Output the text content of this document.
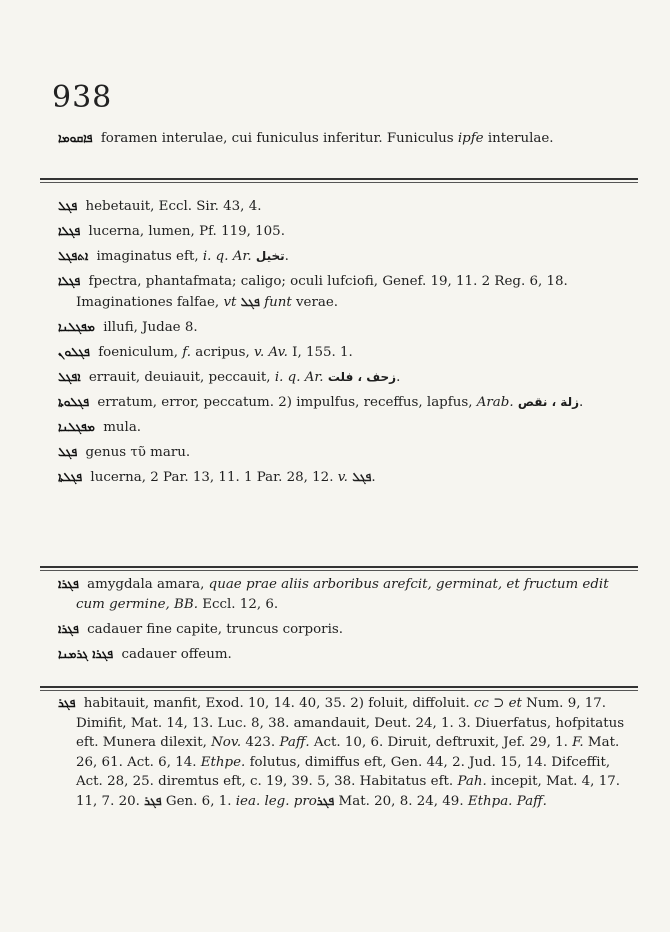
938
ܦܐܩܘܡܐ foramen interulae, cui funiculus inferitur. Funiculus ipfe interulae.
ܦܓܠ hebetauit, Eccl. Sir. 43, 4.
ܦܓܠܐ lucerna, lumen, Pf. 119, 105.
ܐܬܦܓܠ imaginatus eft, i. q. Ar. تخيل.
ܦܓܠܐ fpectra, phantafmata; caligo; oculi lufciofi, Genef. 19, 11. 2 Reg. 6, 18. Imaginationes falfae, vt ܦܓܠ funt verae.
ܡܦܓܠܢܐ illufi, Judae 8.
ܦܓܠܘܢ foeniculum, f. acripus, v. Av. I, 155. 1.
ܐܦܓܠ errauit, deuiauit, peccauit, i. q. Ar. زحف ، فلت.
ܦܓܠܘܬܐ erratum, error, peccatum. 2) impulfus, receffus, lapfus, Arab. زلة ، نقص.
ܡܦܓܠܢܐ mula.
ܦܓܠ genus τῦ maru.
ܦܓܠܬܐ lucerna, 2 Par. 13, 11. 1 Par. 28, 12. v. ܦܓܠ.
ܦܓܪܐ amygdala amara, quae prae aliis arboribus arefcit, germinat, et fructum edit cum germine, BB. Eccl. 12, 6.
ܦܓܪܐ cadauer fine capite, truncus corporis.
ܦܓܪܐ ܓܪܡܢܐ cadauer offeum.
ܦܓܪ habitauit, manfit, Exod. 10, 14. 40, 35. 2) foluit, diffoluit. cc ⊃ et Num. 9, 17. Dimifit, Mat. 14, 13. Luc. 8, 38. amandauit, Deut. 24, 1. 3. Diuerfatus, hofpitatus eft. Munera dilexit, Nov. 423. Paff. Act. 10, 6. Diruit, deftruxit, Jef. 29, 1. F. Mat. 26, 61. Act. 6, 14. Ethpe. folutus, dimiffus eft, Gen. 44, 2. Jud. 15, 14. Difceffit, Act. 28, 25. diremtus eft, c. 19, 39. 5, 38. Habitatus eft. Pah. incepit, Mat. 4, 17. 11, 7. 20. ܦܓܪ Gen. 6, 1. iea. leg. proܦܓܪ Mat. 20, 8. 24, 49. Ethpa. Paff.
